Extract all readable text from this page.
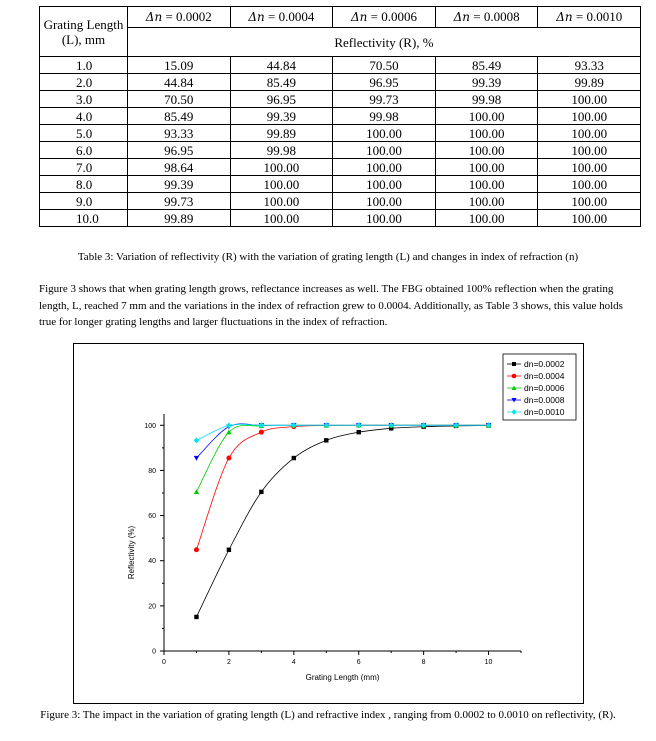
Grating Length (L), mm	Δn = 0.0002	Δn = 0.0004	Δn = 0.0006	Δn = 0.0008	Δn = 0.0010
	Reflectivity (R), %				
1.0	15.09	44.84	70.50	85.49	93.33
2.0	44.84	85.49	96.95	99.39	99.89
3.0	70.50	96.95	99.73	99.98	100.00
4.0	85.49	99.39	99.98	100.00	100.00
5.0	93.33	99.89	100.00	100.00	100.00
6.0	96.95	99.98	100.00	100.00	100.00
7.0	98.64	100.00	100.00	100.00	100.00
8.0	99.39	100.00	100.00	100.00	100.00
9.0	99.73	100.00	100.00	100.00	100.00
10.0	99.89	100.00	100.00	100.00	100.00
Table 3: Variation of reflectivity (R) with the variation of grating length (L) and changes in index of refraction (n)
Figure 3 shows that when grating length grows, reflectance increases as well. The FBG obtained 100% reflection when the grating length, L, reached 7 mm and the variations in the index of refraction grew to 0.0004. Additionally, as Table 3 shows, this value holds true for longer grating lengths and larger fluctuations in the index of refraction.
0	2	4	6	8	10
0
20
40
60
80
100
Grating Length (mm)
Reflectivity (%)
dn=0.0002
dn=0.0004
dn=0.0006
dn=0.0008
dn=0.0010
Figure 3: The impact in the variation of grating length (L) and refractive index , ranging from 0.0002 to 0.0010 on reflectivity, (R).
